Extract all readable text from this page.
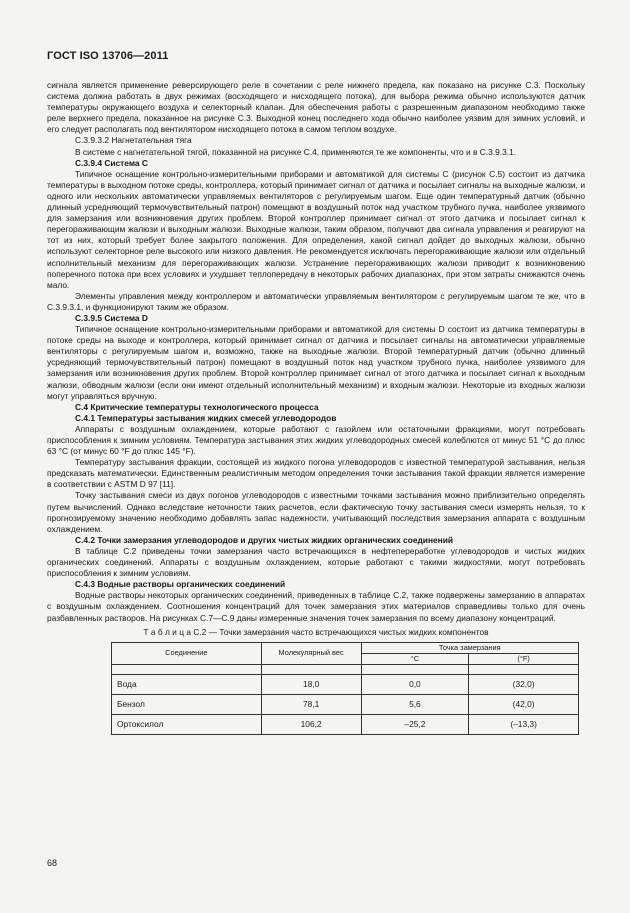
ГОСТ ISO 13706—2011

сигнала является применение реверсирующего реле в сочетании с реле нижнего предела, как показано на рисунке С.3. Поскольку система должна работать в двух режимах (восходящего и нисходящего потока), для выбора режима обычно используются датчик температуры окружающего воздуха и селекторный клапан. Для обеспечения работы с разрешенным диапазоном необходимо также реле верхнего предела, показанное на рисунке С.3. Выходной конец последнего хода обычно наиболее уязвим для зимних условий, и его следует располагать под вентилятором нисходящего потока в самом теплом воздухе.

С.3.9.3.2 Нагнетательная тяга

В системе с нагнетательной тягой, показанной на рисунке С.4, применяются те же компоненты, что и в С.3.9.3.1.

С.3.9.4 Система С

Типичное оснащение контрольно-измерительными приборами и автоматикой для системы С (рисунок С.5) состоит из датчика температуры в выходном потоке среды, контроллера, который принимает сигнал от датчика и посылает сигналы на выходные жалюзи, и одного или нескольких автоматически управляемых вентиляторов с регулируемым шагом. Еще один температурный датчик (обычно длинный усредняющий термочувствительный патрон) помещают в воздушный поток над участком трубного пучка, наиболее уязвимого для замерзания или возникновения других проблем. Второй контроллер принимает сигнал от этого датчика и посылает сигнал к перегораживающим жалюзи и выходным жалюзи. Выходные жалюзи, таким образом, получают два сигнала управления и реагируют на тот из них, который требует более закрытого положения. Для определения, какой сигнал дойдет до выходных жалюзи, обычно используют селекторное реле высокого или низкого давления. Не рекомендуется исключать перегораживающие жалюзи или отдельный исполнительный механизм для перегораживающих жалюзи. Устранение перегораживающих жалюзи приводит к возникновению поперечного потока при всех условиях и ухудшает теплопередачу в некоторых рабочих диапазонах, при этом затраты снижаются очень мало.

Элементы управления между контроллером и автоматически управляемым вентилятором с регулируемым шагом те же, что в С.3.9.3.1, и функционируют таким же образом.

С.3.9.5 Система D

Типичное оснащение контрольно-измерительными приборами и автоматикой для системы D состоит из датчика температуры в потоке среды на выходе и контроллера, который принимает сигнал от датчика и посылает сигналы на автоматически управляемые вентиляторы с регулируемым шагом и, возможно, также на выходные жалюзи. Второй температурный датчик (обычно длинный усредняющий термочувствительный патрон) помещают в воздушный поток над участком трубного пучка, наиболее уязвимого для замерзания или возникновения других проблем. Второй контроллер принимает сигнал от этого датчика и посылает сигнал к выходным жалюзи, обводным жалюзи (если они имеют отдельный исполнительный механизм) и входным жалюзи. Некоторые из входных жалюзи могут управляться вручную.

С.4 Критические температуры технологического процесса

С.4.1 Температуры застывания жидких смесей углеводородов

Аппараты с воздушным охлаждением, которые работают с газойлем или остаточными фракциями, могут потребовать приспособления к зимним условиям. Температура застывания этих жидких углеводородных смесей колеблются от минус 51 °С до плюс 63 °С (от минус 60 °F до плюс 145 °F).

Температуру застывания фракции, состоящей из жидкого погона углеводородов с известной температурой застывания, нельзя предсказать математически. Единственным реалистичным методом определения точки застывания такой фракции является измерение в соответствии с ASTM D 97 [11].

Точку застывания смеси из двух погонов углеводородов с известными точками застывания можно приблизительно определять путем вычислений. Однако вследствие неточности таких расчетов, если фактическую точку застывания смеси измерять нельзя, то к прогнозируемому значению необходимо добавлять запас надежности, учитывающий последствия замерзания аппарата с воздушным охлаждением.

С.4.2 Точки замерзания углеводородов и других чистых жидких органических соединений

В таблице С.2 приведены точки замерзания часто встречающихся в нефтепереработке углеводородов и чистых жидких органических соединений. Аппараты с воздушным охлаждением, которые работают с такими жидкостями, могут потребовать приспособления к зимним условиям.

С.4.3 Водные растворы органических соединений

Водные растворы некоторых органических соединений, приведенных в таблице С.2, также подвержены замерзанию в аппаратах с воздушным охлаждением. Соотношения концентраций для точек замерзания этих материалов справедливы только для очень разбавленных растворов. На рисунках С.7—С.9 даны измеренные значения точек замерзания по всему диапазону концентраций.

Т а б л и ц а С.2 — Точки замерзания часто встречающихся чистых жидких компонентов

Соединение	Молекулярный вес	Точка замерзания	
		°С	(°F)

Вода	18,0	0,0	(32,0)
Бензол	78,1	5,6	(42,0)
Ортоксилол	106,2	–25,2	(–13,3)
68
